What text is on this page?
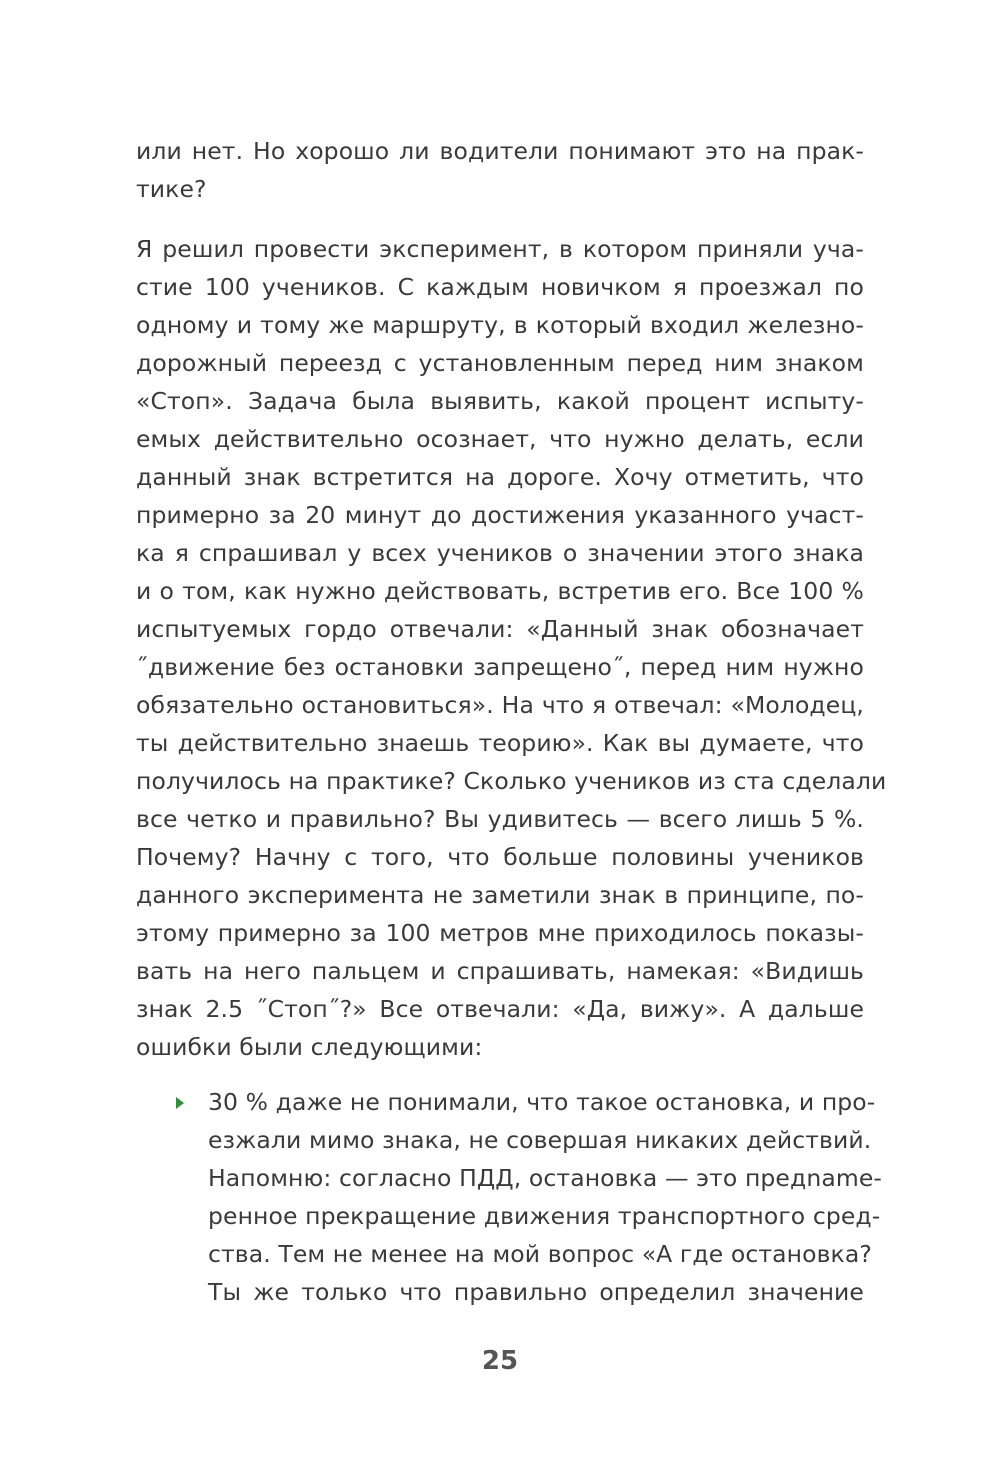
или нет. Но хорошо ли водители понимают это на прак-
тике?
Я решил провести эксперимент, в котором приняли уча-
стие 100 учеников. С каждым новичком я проезжал по
одному и тому же маршруту, в который входил железно-
дорожный переезд с установленным перед ним знаком
«Стоп». Задача была выявить, какой процент испыту-
емых действительно осознает, что нужно делать, если
данный знак встретится на дороге. Хочу отметить, что
примерно за 20 минут до достижения указанного участ-
ка я спрашивал у всех учеников о значении этого знака
и о том, как нужно действовать, встретив его. Все 100 %
испытуемых гордо отвечали: «Данный знак обозначает
˝движение без остановки запрещено˝, перед ним нужно
обязательно остановиться». На что я отвечал: «Молодец,
ты действительно знаешь теорию». Как вы думаете, что
получилось на практике? Сколько учеников из ста сделали
все четко и правильно? Вы удивитесь — всего лишь 5 %.
Почему? Начну с того, что больше половины учеников
данного эксперимента не заметили знак в принципе, по-
этому примерно за 100 метров мне приходилось показы-
вать на него пальцем и спрашивать, намекая: «Видишь
знак 2.5 ˝Стоп˝?» Все отвечали: «Да, вижу». А дальше
ошибки были следующими:
30 % даже не понимали, что такое остановка, и про-
езжали мимо знака, не совершая никаких действий.
Напомню: согласно ПДД, остановка — это предname-
ренное прекращение движения транспортного сред-
ства. Тем не менее на мой вопрос «А где остановка?
Ты же только что правильно определил значение
25
